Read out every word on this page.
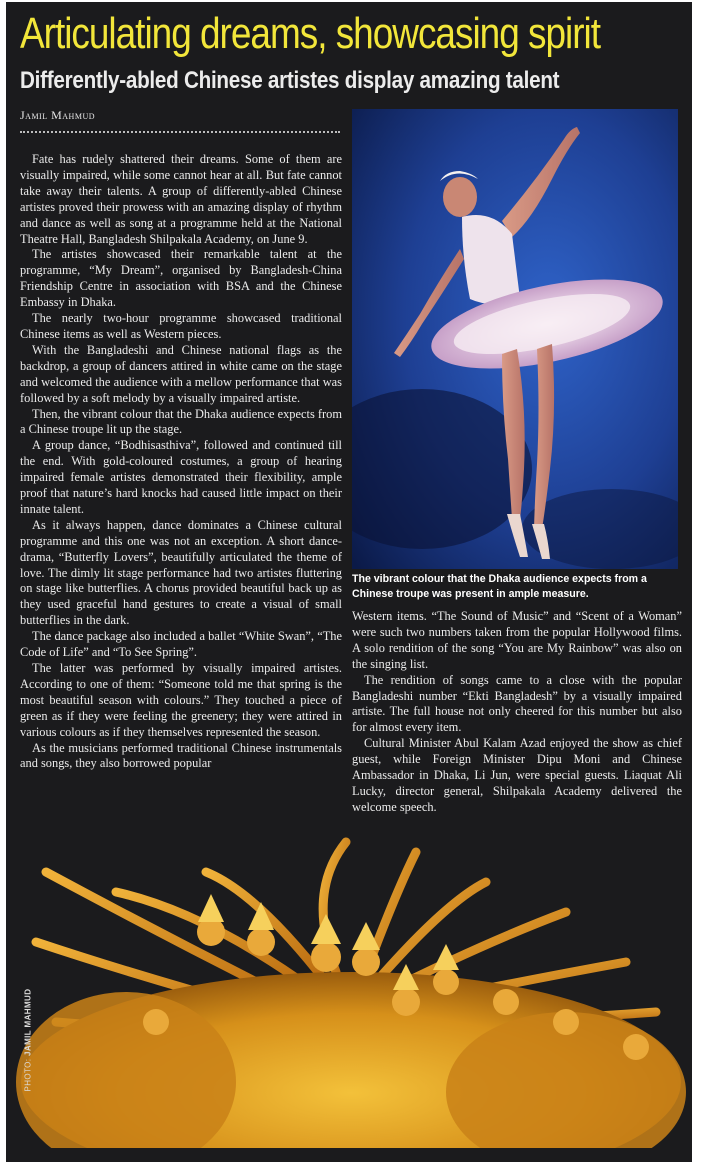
Articulating dreams, showcasing spirit
Differently-abled Chinese artistes display amazing talent
Jamil Mahmud

Fate has rudely shattered their dreams. Some of them are visually impaired, while some cannot hear at all. But fate cannot take away their talents. A group of differently-abled Chinese artistes proved their prowess with an amazing display of rhythm and dance as well as song at a programme held at the National Theatre Hall, Bangladesh Shilpakala Academy, on June 9.

The artistes showcased their remarkable talent at the programme, “My Dream”, organised by Bangladesh-China Friendship Centre in association with BSA and the Chinese Embassy in Dhaka.

The nearly two-hour programme showcased traditional Chinese items as well as Western pieces.

With the Bangladeshi and Chinese national flags as the backdrop, a group of dancers attired in white came on the stage and welcomed the audience with a mellow performance that was followed by a soft melody by a visually impaired artiste.

Then, the vibrant colour that the Dhaka audience expects from a Chinese troupe lit up the stage.

A group dance, “Bodhisasthiva”, followed and continued till the end. With gold-coloured costumes, a group of hearing impaired female artistes demonstrated their flexibility, ample proof that nature’s hard knocks had caused little impact on their innate talent.

As it always happen, dance dominates a Chinese cultural programme and this one was not an exception. A short dance-drama, “Butterfly Lovers”, beautifully articulated the theme of love. The dimly lit stage performance had two artistes fluttering on stage like butterflies. A chorus provided beautiful back up as they used graceful hand gestures to create a visual of small butterflies in the dark.

The dance package also included a ballet “White Swan”, “The Code of Life” and “To See Spring”.

The latter was performed by visually impaired artistes. According to one of them: “Someone told me that spring is the most beautiful season with colours.” They touched a piece of green as if they were feeling the greenery; they were attired in various colours as if they themselves represented the season.

As the musicians performed traditional Chinese instrumentals and songs, they also borrowed popular

The vibrant colour that the Dhaka audience expects from a Chinese troupe was present in ample measure.

Western items. “The Sound of Music” and “Scent of a Woman” were such two numbers taken from the popular Hollywood films. A solo rendition of the song “You are My Rainbow” was also on the singing list.

The rendition of songs came to a close with the popular Bangladeshi number “Ekti Bangladesh” by a visually impaired artiste. The full house not only cheered for this number but also for almost every item.

Cultural Minister Abul Kalam Azad enjoyed the show as chief guest, while Foreign Minister Dipu Moni and Chinese Ambassador in Dhaka, Li Jun, were special guests. Liaquat Ali Lucky, director general, Shilpakala Academy delivered the welcome speech.

PHOTO: JAMIL MAHMUD
